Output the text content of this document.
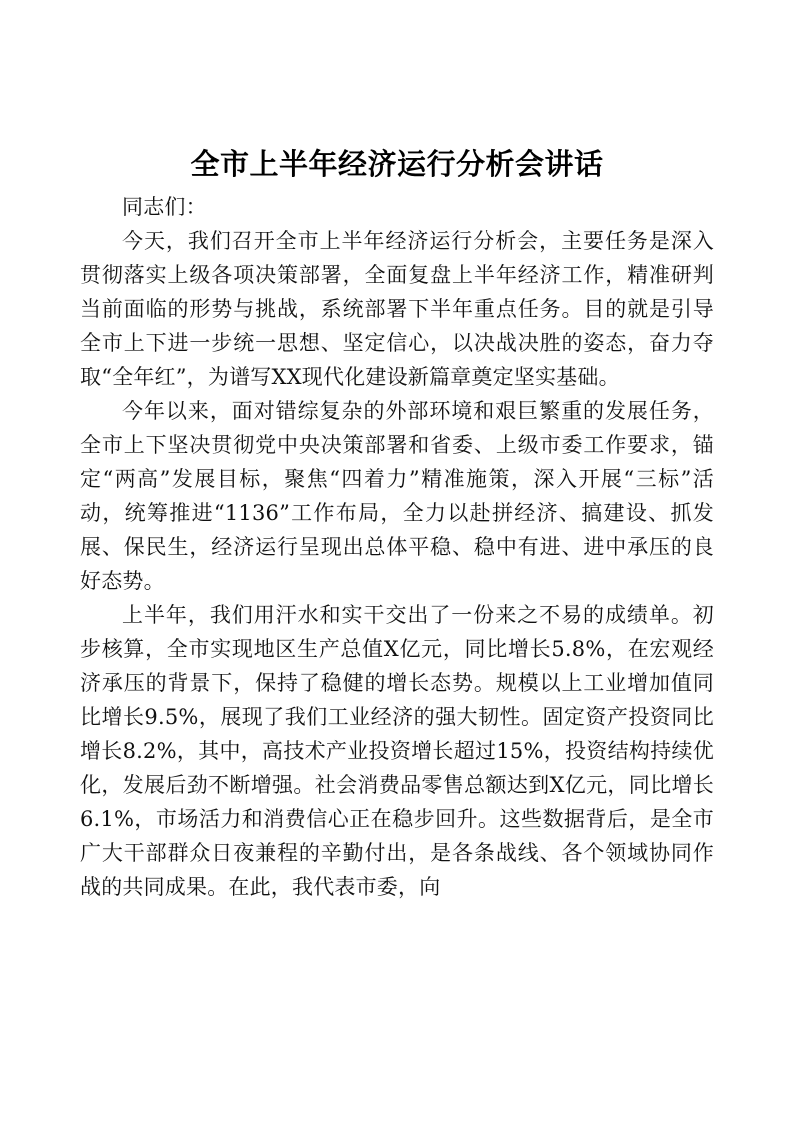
全市上半年经济运行分析会讲话

同志们：

今天，我们召开全市上半年经济运行分析会，主要任务是深入贯彻落实上级各项决策部署，全面复盘上半年经济工作，精准研判当前面临的形势与挑战，系统部署下半年重点任务。目的就是引导全市上下进一步统一思想、坚定信心，以决战决胜的姿态，奋力夺取“全年红”，为谱写XX现代化建设新篇章奠定坚实基础。

今年以来，面对错综复杂的外部环境和艰巨繁重的发展任务，全市上下坚决贯彻党中央决策部署和省委、上级市委工作要求，锚定“两高”发展目标，聚焦“四着力”精准施策，深入开展“三标”活动，统筹推进“1136”工作布局，全力以赴拼经济、搞建设、抓发展、保民生，经济运行呈现出总体平稳、稳中有进、进中承压的良好态势。

上半年，我们用汗水和实干交出了一份来之不易的成绩单。初步核算，全市实现地区生产总值X亿元，同比增长5.8%，在宏观经济承压的背景下，保持了稳健的增长态势。规模以上工业增加值同比增长9.5%，展现了我们工业经济的强大韧性。固定资产投资同比增长8.2%，其中，高技术产业投资增长超过15%，投资结构持续优化，发展后劲不断增强。社会消费品零售总额达到X亿元，同比增长6.1%，市场活力和消费信心正在稳步回升。这些数据背后，是全市广大干部群众日夜兼程的辛勤付出，是各条战线、各个领域协同作战的共同成果。在此，我代表市委，向
